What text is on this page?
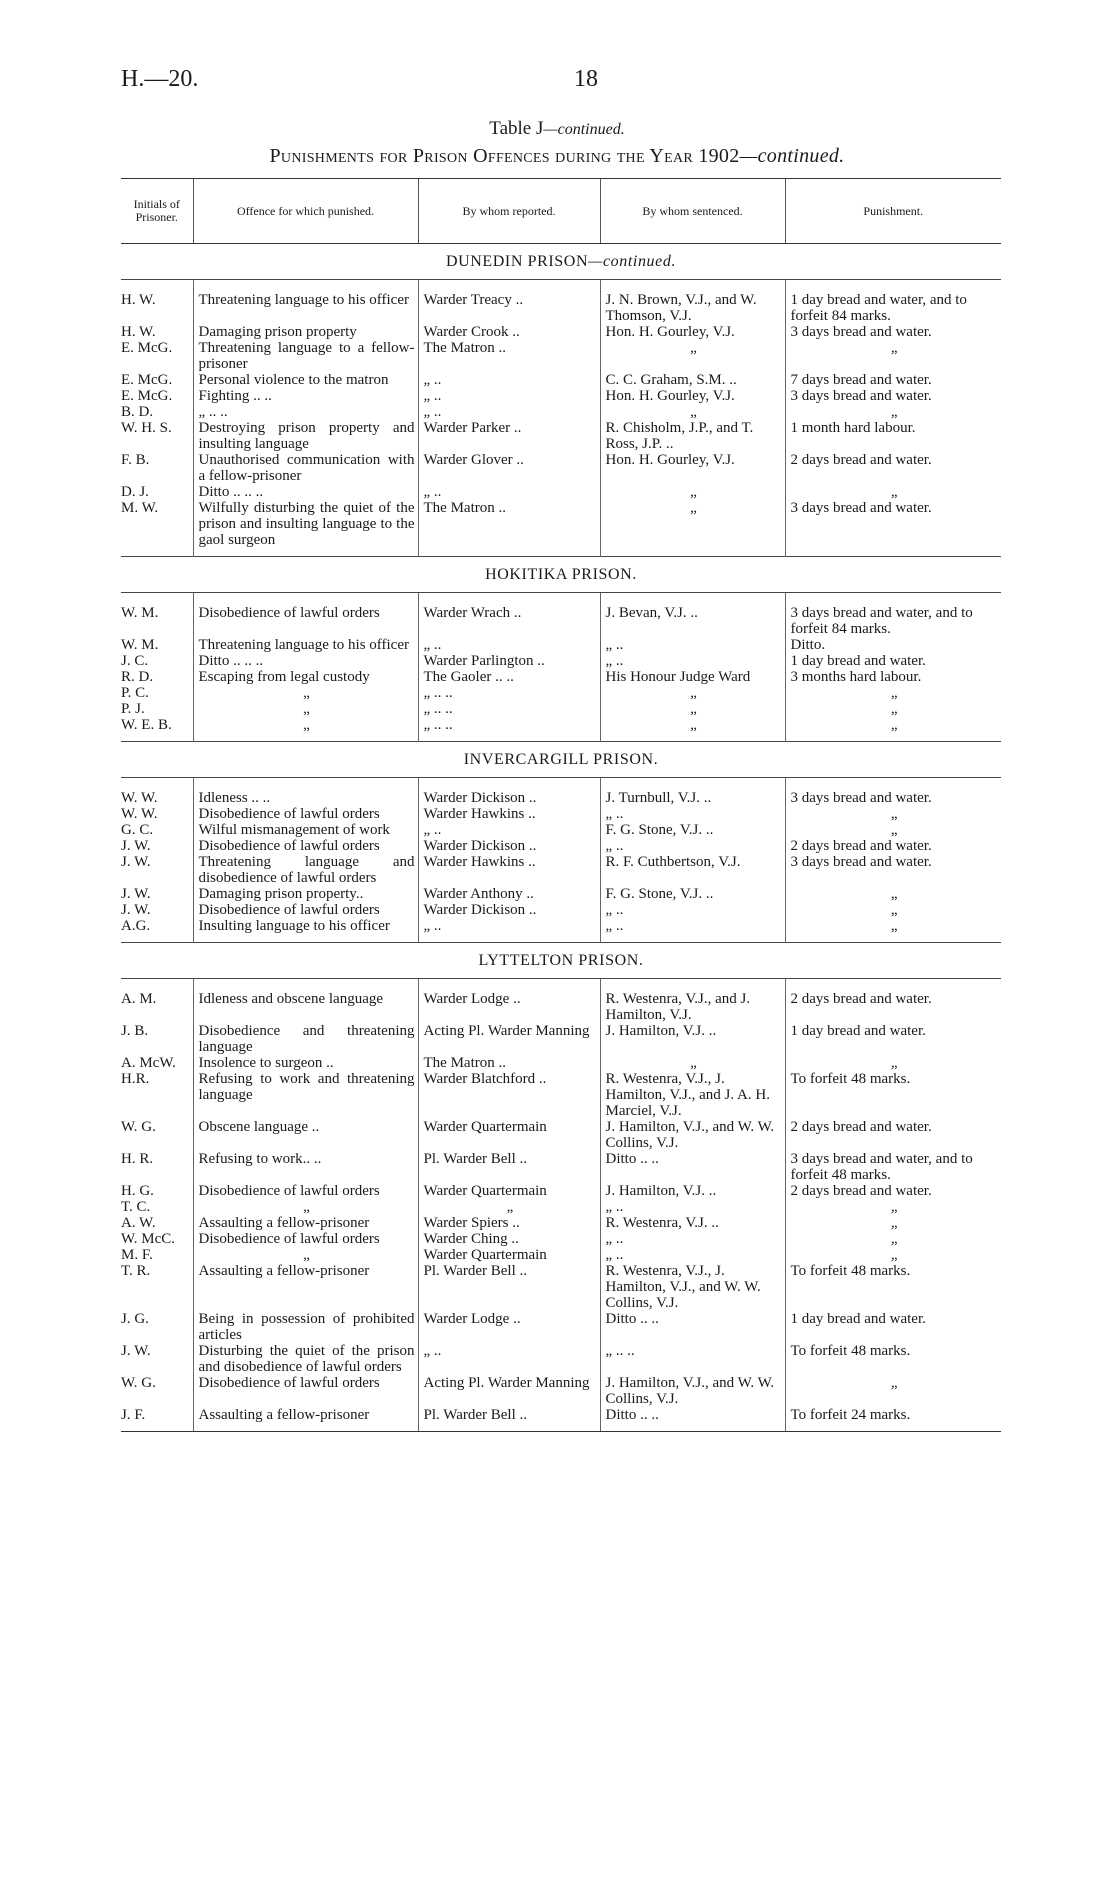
H.—20.	18
Table J—continued.
Punishments for Prison Offences during the Year 1902—continued.
Initials of Prisoner.	Offence for which punished.	By whom reported.	By whom sentenced.	Punishment.
DUNEDIN PRISON—continued.				
H. W.	Threatening language to his officer	Warder Treacy ..	J. N. Brown, V.J., and W. Thomson, V.J.	1 day bread and water, and to forfeit 84 marks.
H. W.	Damaging prison property	Warder Crook ..	Hon. H. Gourley, V.J.	3 days bread and water.
E. McG.	Threatening language to a fellow-prisoner	The Matron ..	„	„
E. McG.	Personal violence to the matron	„ ..	C. C. Graham, S.M. ..	7 days bread and water.
E. McG.	Fighting .. ..	„ ..	Hon. H. Gourley, V.J.	3 days bread and water.
B. D.	„ .. ..	„ ..	„	„
W. H. S.	Destroying prison property and insulting language	Warder Parker ..	R. Chisholm, J.P., and T. Ross, J.P. ..	1 month hard labour.
F. B.	Unauthorised communication with a fellow-prisoner	Warder Glover ..	Hon. H. Gourley, V.J.	2 days bread and water.
D. J.	Ditto .. .. ..	„ ..	„	„
M. W.	Wilfully disturbing the quiet of the prison and insulting language to the gaol surgeon	The Matron ..	„	3 days bread and water.
HOKITIKA PRISON.				
W. M.	Disobedience of lawful orders	Warder Wrach ..	J. Bevan, V.J. ..	3 days bread and water, and to forfeit 84 marks.
W. M.	Threatening language to his officer	„ ..	„ ..	Ditto.
J. C.	Ditto .. .. ..	Warder Parlington ..	„ ..	1 day bread and water.
R. D.	Escaping from legal custody	The Gaoler .. ..	His Honour Judge Ward	3 months hard labour.
P. C.	„	„ .. ..	„	„
P. J.	„	„ .. ..	„	„
W. E. B.	„	„ .. ..	„	„
INVERCARGILL PRISON.				
W. W.	Idleness .. ..	Warder Dickison ..	J. Turnbull, V.J. ..	3 days bread and water.
W. W.	Disobedience of lawful orders	Warder Hawkins ..	„ ..	„
G. C.	Wilful mismanagement of work	„ ..	F. G. Stone, V.J. ..	„
J. W.	Disobedience of lawful orders	Warder Dickison ..	„ ..	2 days bread and water.
J. W.	Threatening language and disobedience of lawful orders	Warder Hawkins ..	R. F. Cuthbertson, V.J.	3 days bread and water.
J. W.	Damaging prison property..	Warder Anthony ..	F. G. Stone, V.J. ..	„
J. W.	Disobedience of lawful orders	Warder Dickison ..	„ ..	„
A.G.	Insulting language to his officer	„ ..	„ ..	„
LYTTELTON PRISON.				
A. M.	Idleness and obscene language	Warder Lodge ..	R. Westenra, V.J., and J. Hamilton, V.J.	2 days bread and water.
J. B.	Disobedience and threatening language	Acting Pl. Warder Manning	J. Hamilton, V.J. ..	1 day bread and water.
A. McW.	Insolence to surgeon ..	The Matron ..	„	„
H.R.	Refusing to work and threatening language	Warder Blatchford ..	R. Westenra, V.J., J. Hamilton, V.J., and J. A. H. Marciel, V.J.	To forfeit 48 marks.
W. G.	Obscene language ..	Warder Quartermain	J. Hamilton, V.J., and W. W. Collins, V.J.	2 days bread and water.
H. R.	Refusing to work.. ..	Pl. Warder Bell ..	Ditto .. ..	3 days bread and water, and to forfeit 48 marks.
H. G.	Disobedience of lawful orders	Warder Quartermain	J. Hamilton, V.J. ..	2 days bread and water.
T. C.	„	„	„ ..	„
A. W.	Assaulting a fellow-prisoner	Warder Spiers ..	R. Westenra, V.J. ..	„
W. McC.	Disobedience of lawful orders	Warder Ching ..	„ ..	„
M. F.	„	Warder Quartermain	„ ..	„
T. R.	Assaulting a fellow-prisoner	Pl. Warder Bell ..	R. Westenra, V.J., J. Hamilton, V.J., and W. W. Collins, V.J.	To forfeit 48 marks.
J. G.	Being in possession of prohibited articles	Warder Lodge ..	Ditto .. ..	1 day bread and water.
J. W.	Disturbing the quiet of the prison and disobedience of lawful orders	„ ..	„ .. ..	To forfeit 48 marks.
W. G.	Disobedience of lawful orders	Acting Pl. Warder Manning	J. Hamilton, V.J., and W. W. Collins, V.J.	„
J. F.	Assaulting a fellow-prisoner	Pl. Warder Bell ..	Ditto .. ..	To forfeit 24 marks.
